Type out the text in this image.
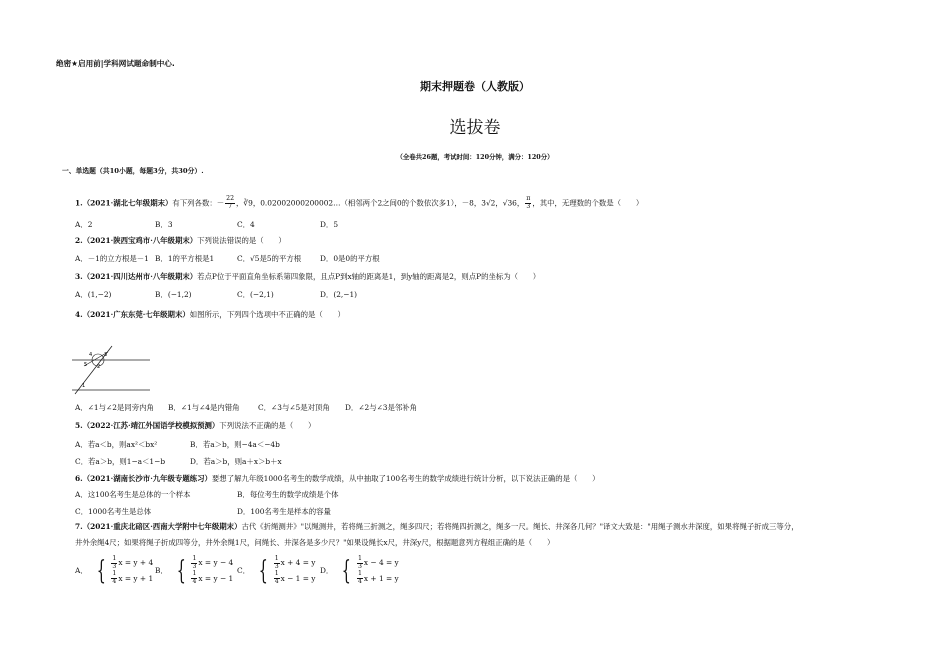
绝密★启用前|学科网试题命制中心.
期末押题卷（人教版）
选拔卷
（全卷共26题，考试时间：120分钟，满分：120分）
一、单选题（共10小题，每题3分，共30分）.
1.（2021·湖北七年级期末）有下列各数：－ $\frac{22}{7}$ ，∛9，0.02002000200002…（相邻两个2之间0的个数依次多1），－8，3√2，√36， $\frac{\pi}{3}$ ，其中，无理数的个数是（　　）
A．2	B．3	C．4	D．5
2.（2021·陕西宝鸡市·八年级期末）下列说法错误的是（　　）
A．－1的立方根是－1 B．1的平方根是1	C．√5是5的平方根	D．0是0的平方根
3.（2021·四川达州市·八年级期末）若点P位于平面直角坐标系第四象限，且点P到x轴的距离是1，到y轴的距离是2，则点P的坐标为（　　）
A．(1,−2)	B．(−1,2)	C．(−2,1)	D．(2,−1)
4.（2021·广东东莞·七年级期末）如图所示，下列四个选项中不正确的是（　　）
4 3
5 2
1
A．∠1与∠2是同旁内角 B．∠1与∠4是内错角 C．∠3与∠5是对顶角 D．∠2与∠3是邻补角
5.（2022·江苏·靖江外国语学校模拟预测）下列说法不正确的是（　　）
A．若a＜b，则ax²＜bx²	B．若a＞b，则−4a＜−4b
C．若a＞b，则1−a＜1−b	D．若a＞b，则a＋x＞b＋x
6.（2021·湖南长沙市·九年级专题练习）要想了解九年级1000名考生的数学成绩，从中抽取了100名考生的数学成绩进行统计分析，以下说法正确的是（　　）
A．这100名考生是总体的一个样本	B．每位考生的数学成绩是个体
C．1000名考生是总体	D．100名考生是样本的容量
7.（2021·重庆北碚区·西南大学附中七年级期末）古代《折绳测井》"以绳测井，若将绳三折测之，绳多四尺；若将绳四折测之，绳多一尺。绳长、井深各几何？"译文大致是："用绳子测水井深度，如果将绳子折成三等分，
井外余绳4尺；如果将绳子折成四等分，井外余绳1尺，问绳长、井深各是多少尺？"如果设绳长x尺，井深y尺，根据题意列方程组正确的是（　　）
A． { $\frac{1}{3}$ x = y + 4
$\frac{1}{4}$ x = y + 1
B． { $\frac{1}{3}$ x = y − 4
$\frac{1}{4}$ x = y − 1
C． { $\frac{1}{3}$ x + 4 = y
$\frac{1}{4}$ x − 1 = y
D． { $\frac{1}{3}$ x − 4 = y
$\frac{1}{4}$ x + 1 = y
